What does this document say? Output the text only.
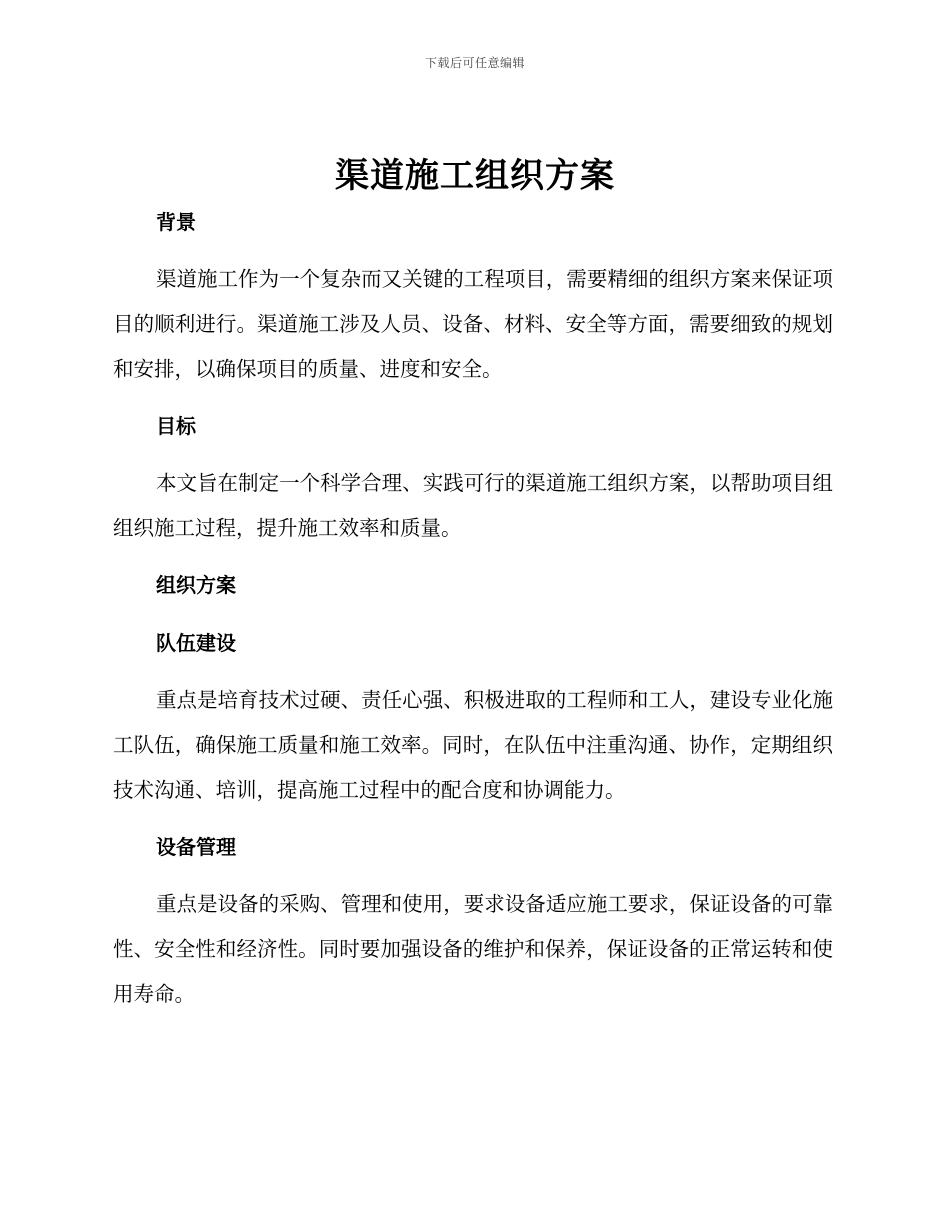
下载后可任意编辑
渠道施工组织方案
背景
渠道施工作为一个复杂而又关键的工程项目，需要精细的组织方案来保证项目的顺利进行。渠道施工涉及人员、设备、材料、安全等方面，需要细致的规划和安排，以确保项目的质量、进度和安全。
目标
本文旨在制定一个科学合理、实践可行的渠道施工组织方案，以帮助项目组组织施工过程，提升施工效率和质量。
组织方案
队伍建设
重点是培育技术过硬、责任心强、积极进取的工程师和工人，建设专业化施工队伍，确保施工质量和施工效率。同时，在队伍中注重沟通、协作，定期组织技术沟通、培训，提高施工过程中的配合度和协调能力。
设备管理
重点是设备的采购、管理和使用，要求设备适应施工要求，保证设备的可靠性、安全性和经济性。同时要加强设备的维护和保养，保证设备的正常运转和使用寿命。
